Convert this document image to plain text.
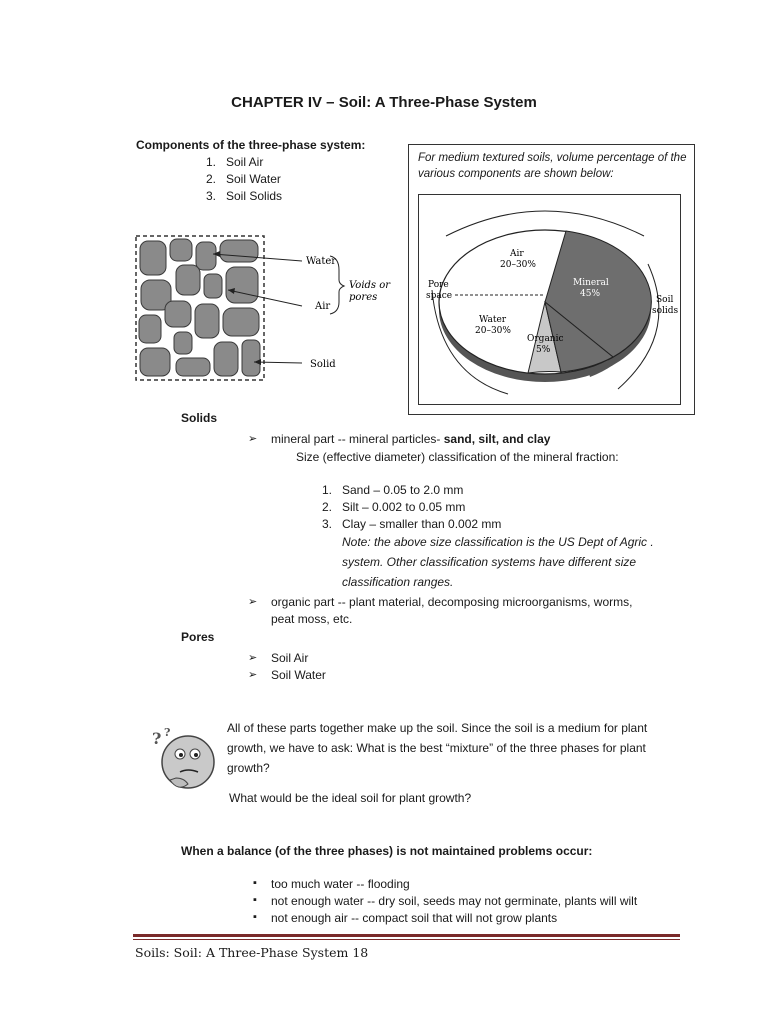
CHAPTER IV – Soil: A Three-Phase System
Components of the three-phase system:
1. Soil Air
2. Soil Water
3. Soil Solids
Water
Air
Solid
Voids or
pores
For medium textured soils, volume percentage of the various components are shown below:
Air
20–30%
Mineral
45%
Water
20–30%
Organic
5%
Pore
space	Soil
solids
Solids
➢ mineral part -- mineral particles- sand, silt, and clay
Size (effective diameter) classification of the mineral fraction:
1. Sand – 0.05 to 2.0 mm
2. Silt – 0.002 to 0.05 mm
3. Clay – smaller than 0.002 mm
Note: the above size classification is the US Dept of Agric .
system. Other classification systems have different size
classification ranges.
➢ organic part -- plant material, decomposing microorganisms, worms,
peat moss, etc.
Pores
➢ Soil Air
➢ Soil Water
? ?	All of these parts together make up the soil. Since the soil is a medium for plant
growth, we have to ask: What is the best “mixture” of the three phases for plant
growth?
What would be the ideal soil for plant growth?
When a balance (of the three phases) is not maintained problems occur:
▪ too much water -- flooding
▪ not enough water -- dry soil, seeds may not germinate, plants will wilt
▪ not enough air -- compact soil that will not grow plants
Soils: Soil: A Three-Phase System 18
